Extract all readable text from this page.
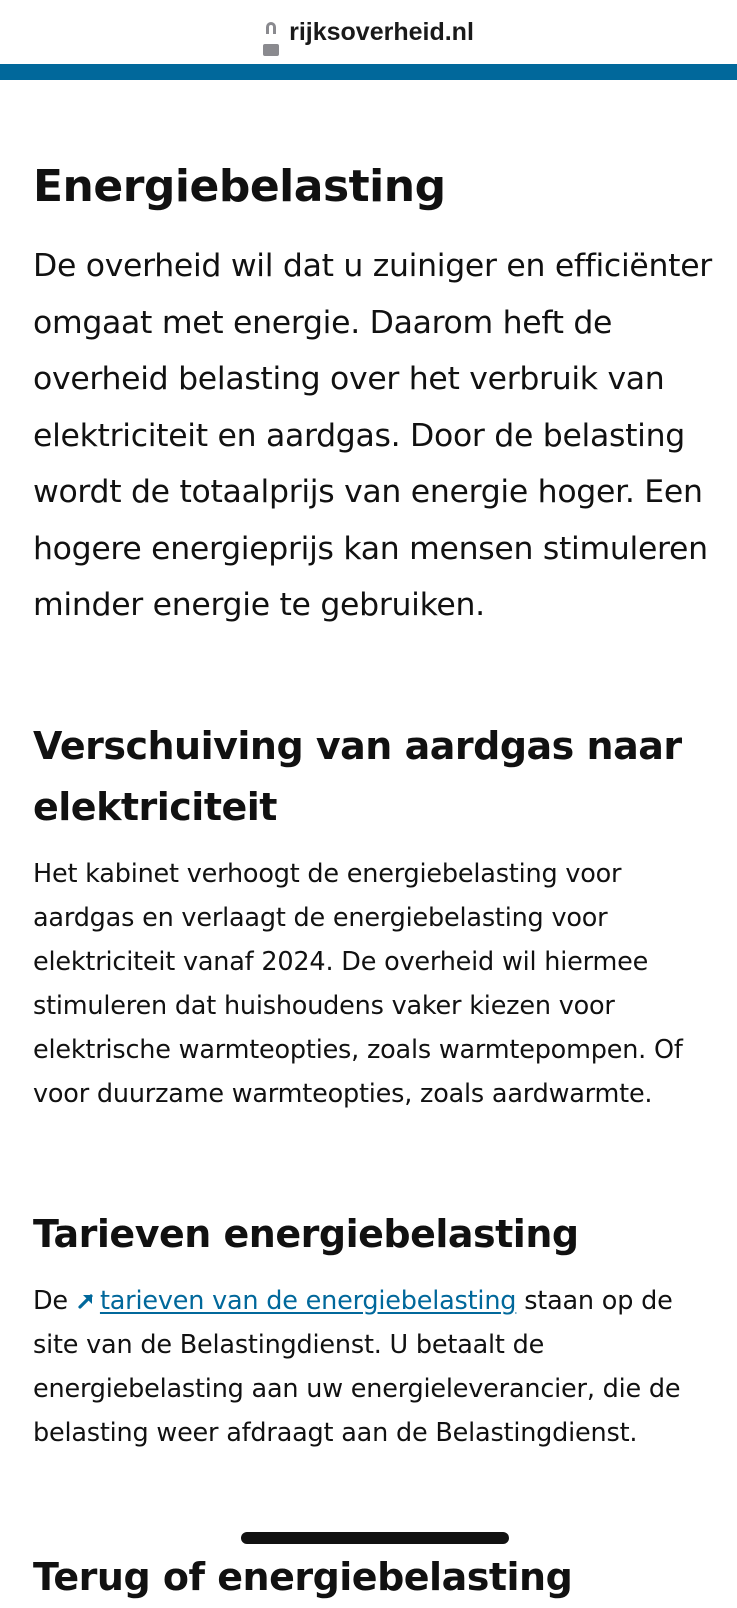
rijksoverheid.nl
Energiebelasting

De overheid wil dat u zuiniger en efficiënter omgaat met energie. Daarom heft de overheid belasting over het verbruik van elektriciteit en aardgas. Door de belasting wordt de totaalprijs van energie hoger. Een hogere energieprijs kan mensen stimuleren minder energie te gebruiken.

Verschuiving van aardgas naar elektriciteit

Het kabinet verhoogt de energiebelasting voor aardgas en verlaagt de energiebelasting voor elektriciteit vanaf 2024. De overheid wil hiermee stimuleren dat huishoudens vaker kiezen voor elektrische warmteopties, zoals warmtepompen. Of voor duurzame warmteopties, zoals aardwarmte.

Tarieven energiebelasting

De tarieven van de energiebelasting staan op de site van de Belastingdienst. U betaalt de energiebelasting aan uw energieleverancier, die de belasting weer afdraagt aan de Belastingdienst.

Terug of energiebelasting
